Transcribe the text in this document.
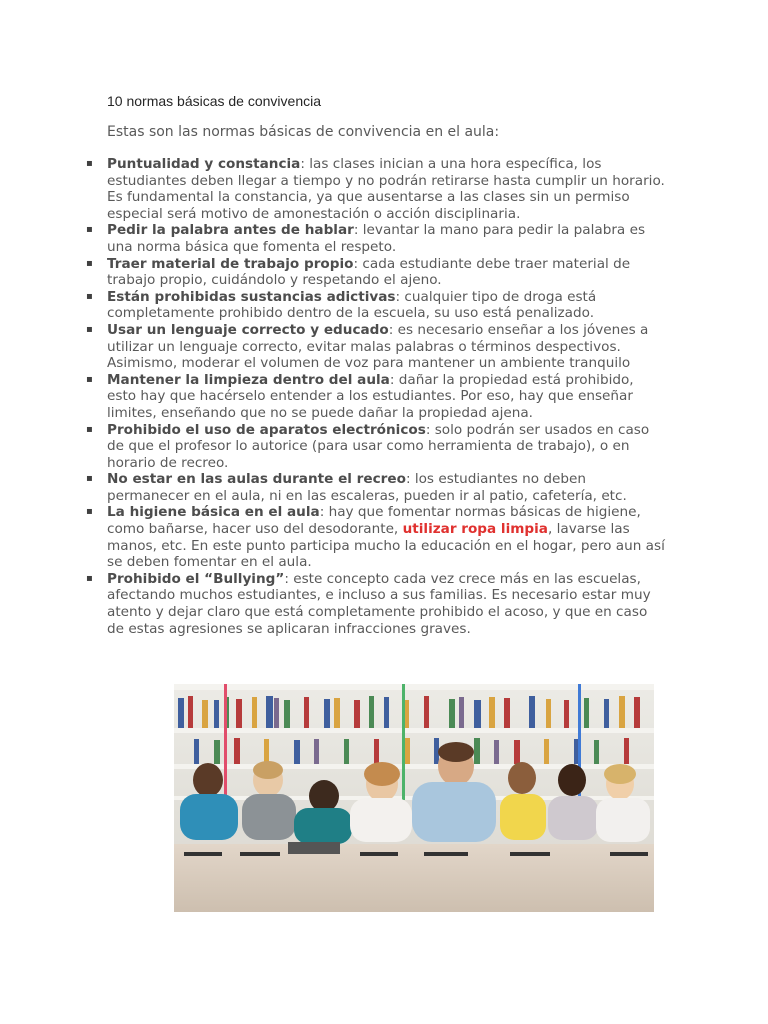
10 normas básicas de convivencia

Estas son las normas básicas de convivencia en el aula:

▪ Puntualidad y constancia: las clases inician a una hora específica, los estudiantes deben llegar a tiempo y no podrán retirarse hasta cumplir un horario. Es fundamental la constancia, ya que ausentarse a las clases sin un permiso especial será motivo de amonestación o acción disciplinaria.
▪ Pedir la palabra antes de hablar: levantar la mano para pedir la palabra es una norma básica que fomenta el respeto.
▪ Traer material de trabajo propio: cada estudiante debe traer material de trabajo propio, cuidándolo y respetando el ajeno.
▪ Están prohibidas sustancias adictivas: cualquier tipo de droga está completamente prohibido dentro de la escuela, su uso está penalizado.
▪ Usar un lenguaje correcto y educado: es necesario enseñar a los jóvenes a utilizar un lenguaje correcto, evitar malas palabras o términos despectivos. Asimismo, moderar el volumen de voz para mantener un ambiente tranquilo
▪ Mantener la limpieza dentro del aula: dañar la propiedad está prohibido, esto hay que hacérselo entender a los estudiantes. Por eso, hay que enseñar limites, enseñando que no se puede dañar la propiedad ajena.
▪ Prohibido el uso de aparatos electrónicos: solo podrán ser usados en caso de que el profesor lo autorice (para usar como herramienta de trabajo), o en horario de recreo.
▪ No estar en las aulas durante el recreo: los estudiantes no deben permanecer en el aula, ni en las escaleras, pueden ir al patio, cafetería, etc.
▪ La higiene básica en el aula: hay que fomentar normas básicas de higiene, como bañarse, hacer uso del desodorante, utilizar ropa limpia, lavarse las manos, etc. En este punto participa mucho la educación en el hogar, pero aun así se deben fomentar en el aula.
▪ Prohibido el “Bullying”: este concepto cada vez crece más en las escuelas, afectando muchos estudiantes, e incluso a sus familias. Es necesario estar muy atento y dejar claro que está completamente prohibido el acoso, y que en caso de estas agresiones se aplicaran infracciones graves.
